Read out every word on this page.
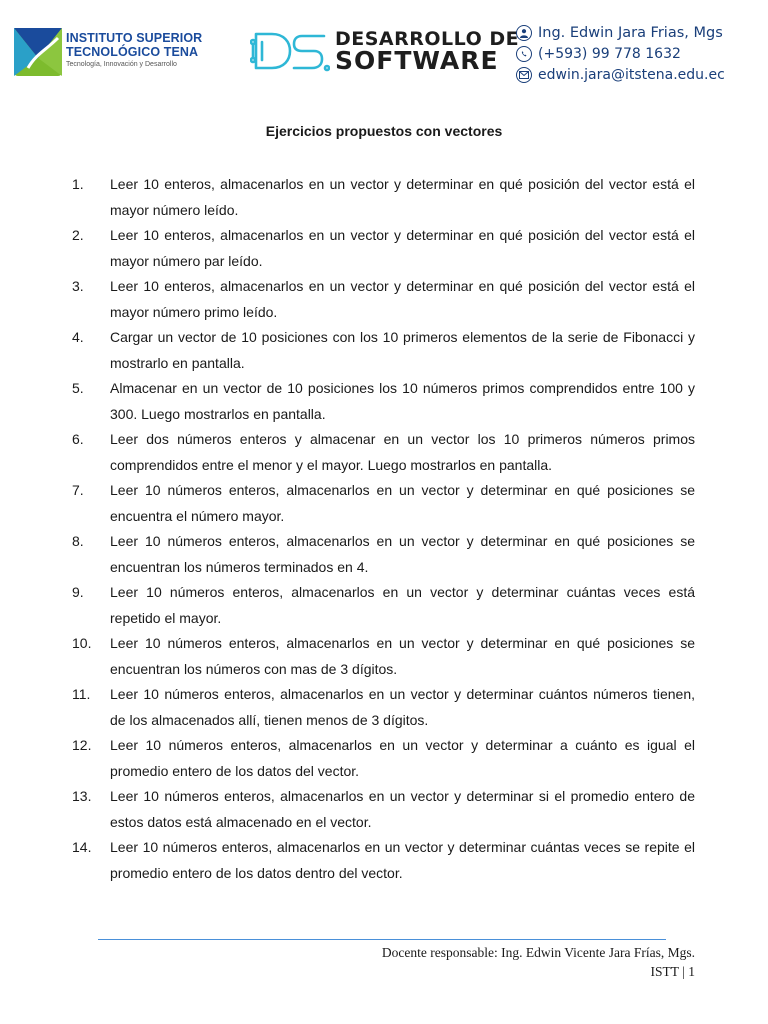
INSTITUTO SUPERIOR
TECNOLÓGICO TENA
Tecnología, Innovación y Desarrollo
DESARROLLO DE
SOFTWARE
Ing. Edwin Jara Frias, Mgs
(+593) 99 778 1632
edwin.jara@itstena.edu.ec
Ejercicios propuestos con vectores
1.	Leer 10 enteros, almacenarlos en un vector y determinar en qué posición del vector está el mayor número leído.
2.	Leer 10 enteros, almacenarlos en un vector y determinar en qué posición del vector está el mayor número par leído.
3.	Leer 10 enteros, almacenarlos en un vector y determinar en qué posición del vector está el mayor número primo leído.
4.	Cargar un vector de 10 posiciones con los 10 primeros elementos de la serie de Fibonacci y mostrarlo en pantalla.
5.	Almacenar en un vector de 10 posiciones los 10 números primos comprendidos entre 100 y 300. Luego mostrarlos en pantalla.
6.	Leer dos números enteros y almacenar en un vector los 10 primeros números primos comprendidos entre el menor y el mayor. Luego mostrarlos en pantalla.
7.	Leer 10 números enteros, almacenarlos en un vector y determinar en qué posiciones se encuentra el número mayor.
8.	Leer 10 números enteros, almacenarlos en un vector y determinar en qué posiciones se encuentran los números terminados en 4.
9.	Leer 10 números enteros, almacenarlos en un vector y determinar cuántas veces está repetido el mayor.
10.	Leer 10 números enteros, almacenarlos en un vector y determinar en qué posiciones se encuentran los números con mas de 3 dígitos.
11.	Leer 10 números enteros, almacenarlos en un vector y determinar cuántos números tienen, de los almacenados allí, tienen menos de 3 dígitos.
12.	Leer 10 números enteros, almacenarlos en un vector y determinar a cuánto es igual el promedio entero de los datos del vector.
13.	Leer 10 números enteros, almacenarlos en un vector y determinar si el promedio entero de estos datos está almacenado en el vector.
14.	Leer 10 números enteros, almacenarlos en un vector y determinar cuántas veces se repite el promedio entero de los datos dentro del vector.
Docente responsable: Ing. Edwin Vicente Jara Frías, Mgs.
ISTT | 1
